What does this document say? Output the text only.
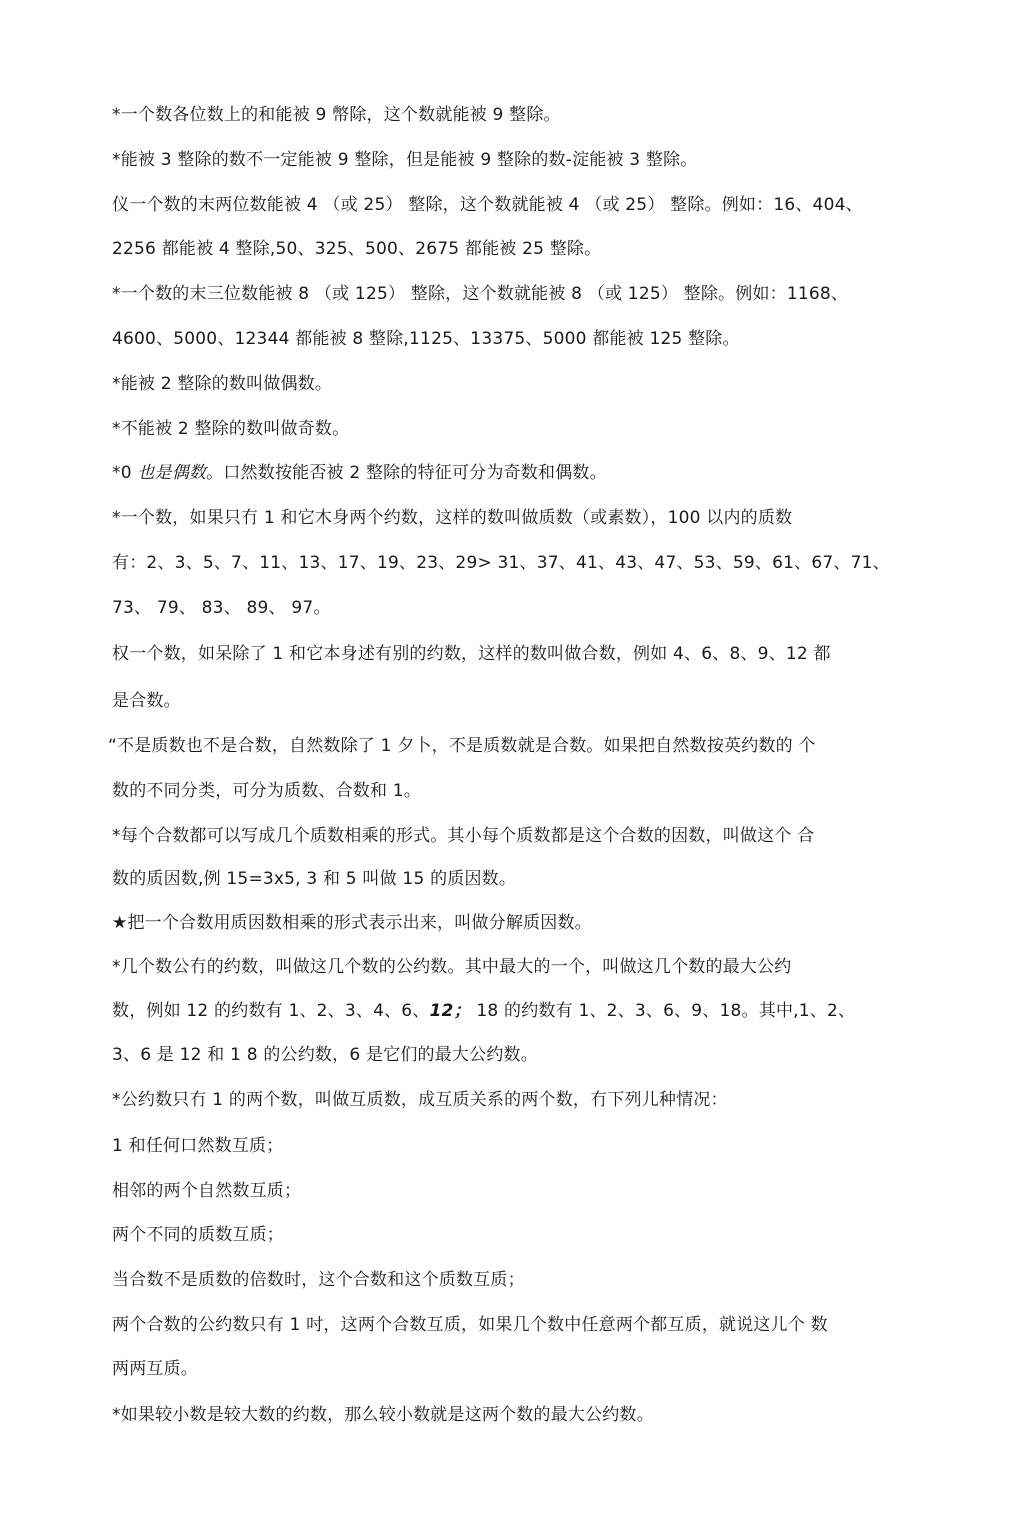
*一个数各位数上的和能被 9 幣除，这个数就能被 9 整除。
*能被 3 整除的数不一定能被 9 整除，但是能被 9 整除的数-淀能被 3 整除。
仪一个数的末两位数能被 4 （或 25） 整除，这个数就能被 4 （或 25） 整除。例如：16、404、
2256 都能被 4 整除,50、325、500、2675 都能被 25 整除。
*一个数的末三位数能被 8 （或 125） 整除，这个数就能被 8 （或 125） 整除。例如：1168、
4600、5000、12344 都能被 8 整除,1125、13375、5000 都能被 125 整除。
*能被 2 整除的数叫做偶数。
*不能被 2 整除的数叫做奇数。
*0 也是偶数。口然数按能否被 2 整除的特征可分为奇数和偶数。
*一个数，如果只冇 1 和它木身两个约数，这样的数叫做质数（或素数），100 以内的质数
有：2、3、5、7、11、13、17、19、23、29> 31、37、41、43、47、53、59、61、67、71、
73、 79、 83、 89、 97。
权一个数，如呆除了 1 和它本身述有别的约数，这样的数叫做合数，例如 4、6、8、9、12 都
是合数。
“不是质数也不是合数，自然数除了 1 夕卜，不是质数就是合数。如果把自然数按英约数的 个
数的不同分类，可分为质数、合数和 1。
*每个合数都可以写成几个质数相乘的形式。其小每个质数都是这个合数的因数，叫做这个 合
数的质因数,例 15=3x5, 3 和 5 叫做 15 的质因数。
★把一个合数用质因数相乘的形式表示出来，叫做分解质因数。
*几个数公冇的约数，叫做这几个数的公约数。其中最大的一个，叫做这几个数的最大公约
数，例如 12 的约数有 1、2、3、4、6、12； 18 的约数有 1、2、3、6、9、18。其中,1、2、
3、6 是 12 和 1 8 的公约数，6 是它们的最大公约数。
*公约数只冇 1 的两个数，叫做互质数，成互质关系的两个数，冇下列儿种情况：
1 和任何口然数互质；
相邻的两个自然数互质；
两个不同的质数互质；
当合数不是质数的倍数时，这个合数和这个质数互质；
两个合数的公约数只有 1 吋，这两个合数互质，如果几个数中任意两个都互质，就说这儿个 数
两两互质。
*如果较小数是较大数的约数，那么较小数就是这两个数的最大公约数。
